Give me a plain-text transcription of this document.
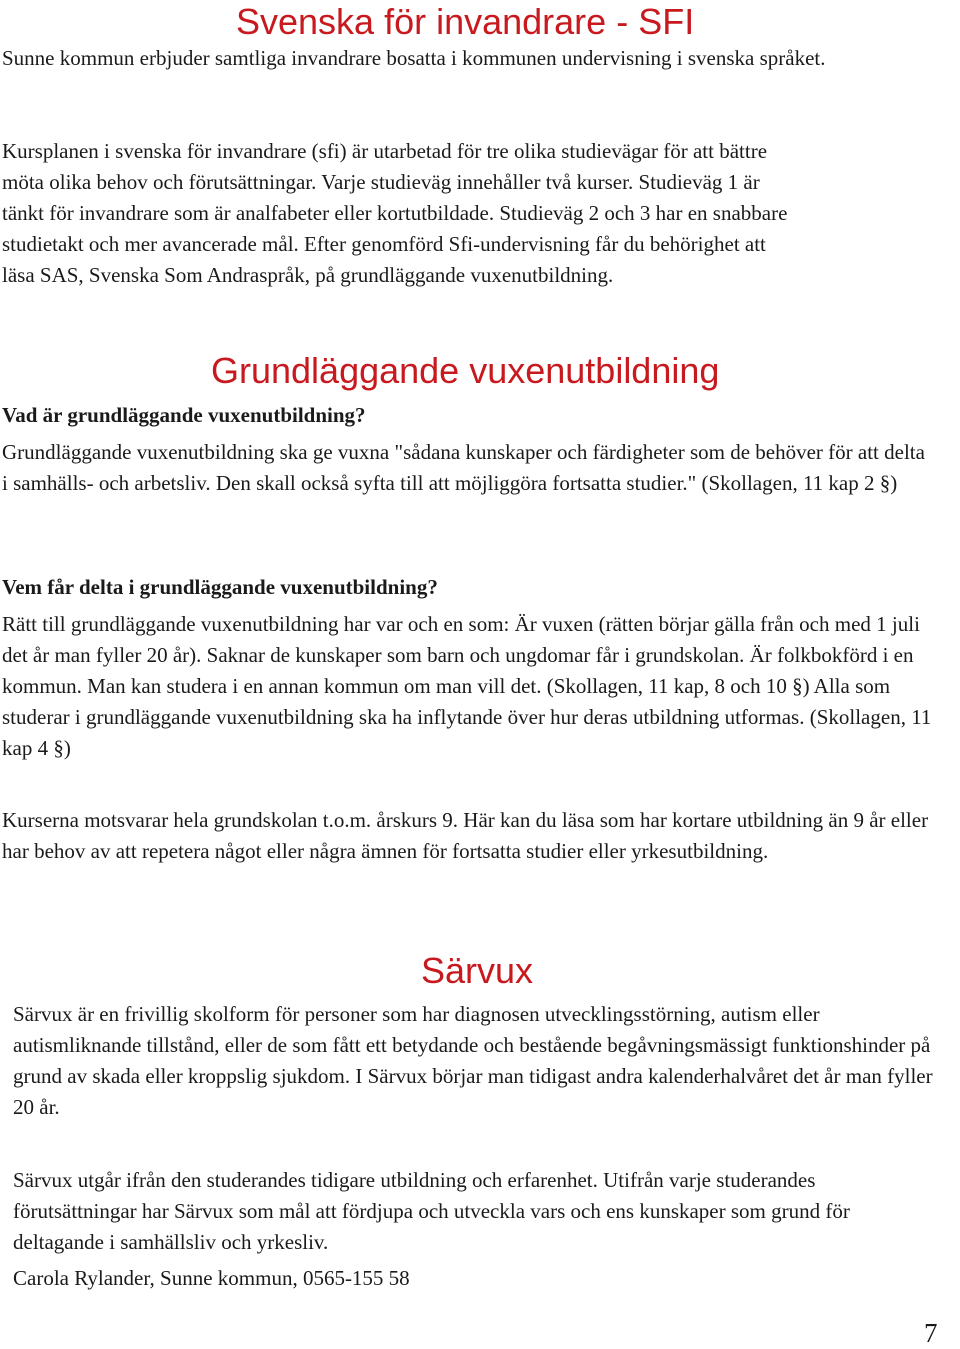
Svenska för invandrare - SFI

Sunne kommun erbjuder samtliga invandrare bosatta i kommunen undervisning i svenska språket.

Kursplanen i svenska för invandrare (sfi) är utarbetad för tre olika studievägar för att bättre
möta olika behov och förutsättningar. Varje studieväg innehåller två kurser. Studieväg 1 är
tänkt för invandrare som är analfabeter eller kortutbildade. Studieväg 2 och 3 har en snabbare
studietakt och mer avancerade mål. Efter genomförd Sfi-undervisning får du behörighet att
läsa SAS, Svenska Som Andraspråk, på grundläggande vuxenutbildning.
Grundläggande vuxenutbildning
Vad är grundläggande vuxenutbildning?

Grundläggande vuxenutbildning ska ge vuxna "sådana kunskaper och färdigheter som de behöver för att delta i samhälls- och arbetsliv. Den skall också syfta till att möjliggöra fortsatta studier." (Skollagen, 11 kap 2 §)

Vem får delta i grundläggande vuxenutbildning?

Rätt till grundläggande vuxenutbildning har var och en som: Är vuxen (rätten börjar gälla från och med 1 juli det år man fyller 20 år). Saknar de kunskaper som barn och ungdomar får i grundskolan. Är folkbokförd i en kommun. Man kan studera i en annan kommun om man vill det. (Skollagen, 11 kap, 8 och 10 §) Alla som studerar i grundläggande vuxenutbildning ska ha inflytande över hur deras utbildning utformas. (Skollagen, 11 kap 4 §)

Kurserna motsvarar hela grundskolan t.o.m. årskurs 9. Här kan du läsa som har kortare utbildning än 9 år eller har behov av att repetera något eller några ämnen för fortsatta studier eller yrkesutbildning.

Särvux

Särvux är en frivillig skolform för personer som har diagnosen utvecklingsstörning, autism eller autismliknande tillstånd, eller de som fått ett betydande och bestående begåvningsmässigt funktionshinder på grund av skada eller kroppslig sjukdom. I Särvux börjar man tidigast andra kalenderhalvåret det år man fyller 20 år.

Särvux utgår ifrån den studerandes tidigare utbildning och erfarenhet. Utifrån varje studerandes förutsättningar har Särvux som mål att fördjupa och utveckla vars och ens kunskaper som grund för deltagande i samhällsliv och yrkesliv.

Carola Rylander, Sunne kommun, 0565-155 58

7
